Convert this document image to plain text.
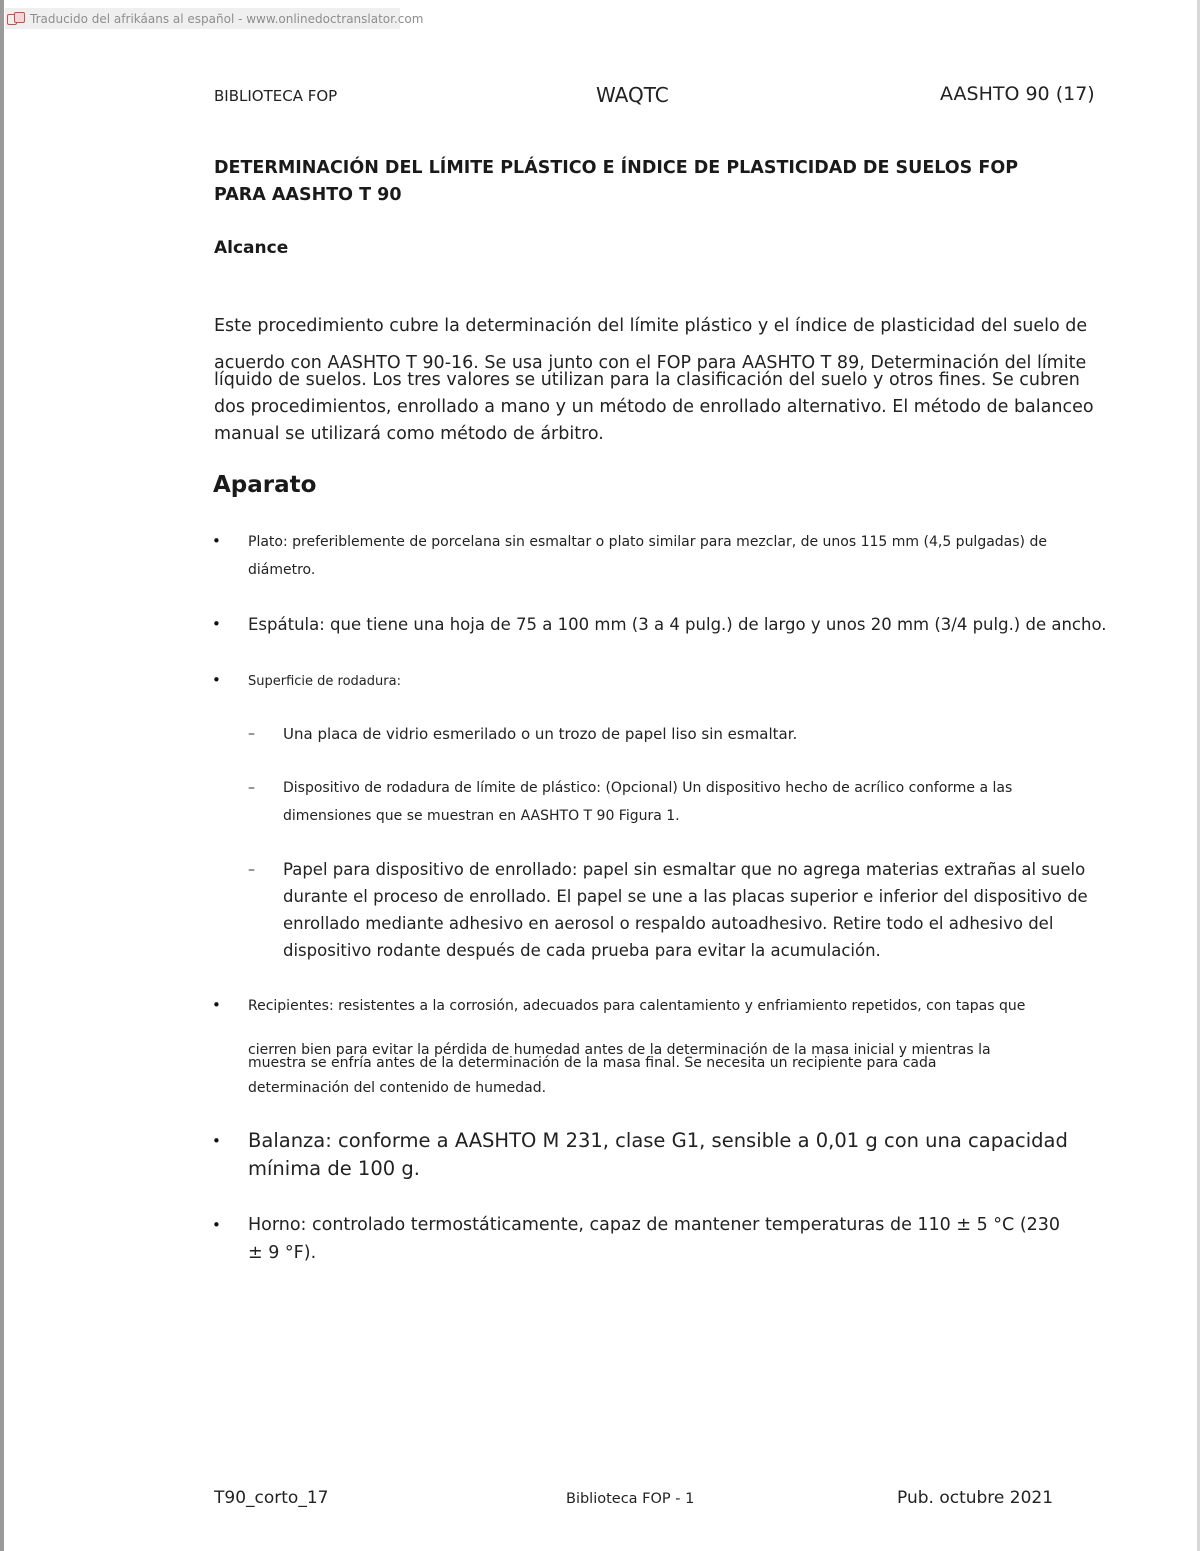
Traducido del afrikáans al español - www.onlinedoctranslator.com
BIBLIOTECA FOP	WAQTC	AASHTO 90 (17)
DETERMINACIÓN DEL LÍMITE PLÁSTICO E ÍNDICE DE PLASTICIDAD DE SUELOS FOP
PARA AASHTO T 90
Alcance
Este procedimiento cubre la determinación del límite plástico y el índice de plasticidad del suelo de
acuerdo con AASHTO T 90-16. Se usa junto con el FOP para AASHTO T 89, Determinación del límite
líquido de suelos. Los tres valores se utilizan para la clasificación del suelo y otros fines. Se cubren
dos procedimientos, enrollado a mano y un método de enrollado alternativo. El método de balanceo
manual se utilizará como método de árbitro.
Aparato
• Plato: preferiblemente de porcelana sin esmaltar o plato similar para mezclar, de unos 115 mm (4,5 pulgadas) de
diámetro.
• Espátula: que tiene una hoja de 75 a 100 mm (3 a 4 pulg.) de largo y unos 20 mm (3/4 pulg.) de ancho.
• Superficie de rodadura:
– Una placa de vidrio esmerilado o un trozo de papel liso sin esmaltar.
– Dispositivo de rodadura de límite de plástico: (Opcional) Un dispositivo hecho de acrílico conforme a las
dimensiones que se muestran en AASHTO T 90 Figura 1.
– Papel para dispositivo de enrollado: papel sin esmaltar que no agrega materias extrañas al suelo
durante el proceso de enrollado. El papel se une a las placas superior e inferior del dispositivo de
enrollado mediante adhesivo en aerosol o respaldo autoadhesivo. Retire todo el adhesivo del
dispositivo rodante después de cada prueba para evitar la acumulación.
• Recipientes: resistentes a la corrosión, adecuados para calentamiento y enfriamiento repetidos, con tapas que
cierren bien para evitar la pérdida de humedad antes de la determinación de la masa inicial y mientras la
muestra se enfría antes de la determinación de la masa final. Se necesita un recipiente para cada
determinación del contenido de humedad.
• Balanza: conforme a AASHTO M 231, clase G1, sensible a 0,01 g con una capacidad
mínima de 100 g.
• Horno: controlado termostáticamente, capaz de mantener temperaturas de 110 ± 5 °C (230
± 9 °F).
T90_corto_17	Biblioteca FOP - 1	Pub. octubre 2021
